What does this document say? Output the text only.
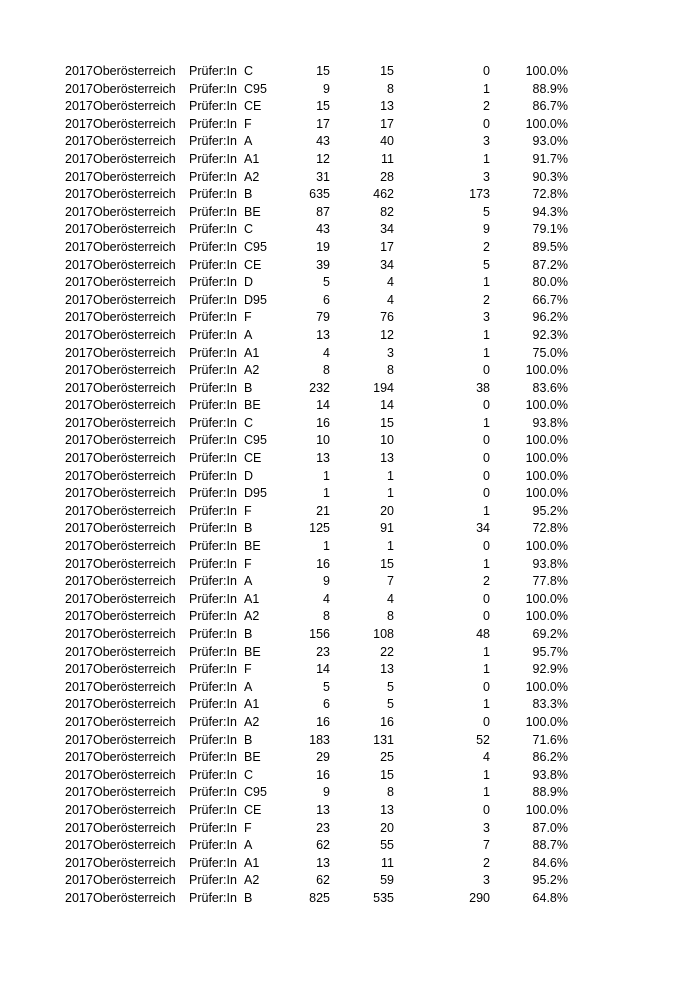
2017 Oberösterreich Prüfer:In C	15	15	0	100.0%
2017 Oberösterreich Prüfer:In C95	9	8	1	88.9%
2017 Oberösterreich Prüfer:In CE	15	13	2	86.7%
2017 Oberösterreich Prüfer:In F	17	17	0	100.0%
2017 Oberösterreich Prüfer:In A	43	40	3	93.0%
2017 Oberösterreich Prüfer:In A1	12	11	1	91.7%
2017 Oberösterreich Prüfer:In A2	31	28	3	90.3%
2017 Oberösterreich Prüfer:In B	635	462	173	72.8%
2017 Oberösterreich Prüfer:In BE	87	82	5	94.3%
2017 Oberösterreich Prüfer:In C	43	34	9	79.1%
2017 Oberösterreich Prüfer:In C95	19	17	2	89.5%
2017 Oberösterreich Prüfer:In CE	39	34	5	87.2%
2017 Oberösterreich Prüfer:In D	5	4	1	80.0%
2017 Oberösterreich Prüfer:In D95	6	4	2	66.7%
2017 Oberösterreich Prüfer:In F	79	76	3	96.2%
2017 Oberösterreich Prüfer:In A	13	12	1	92.3%
2017 Oberösterreich Prüfer:In A1	4	3	1	75.0%
2017 Oberösterreich Prüfer:In A2	8	8	0	100.0%
2017 Oberösterreich Prüfer:In B	232	194	38	83.6%
2017 Oberösterreich Prüfer:In BE	14	14	0	100.0%
2017 Oberösterreich Prüfer:In C	16	15	1	93.8%
2017 Oberösterreich Prüfer:In C95	10	10	0	100.0%
2017 Oberösterreich Prüfer:In CE	13	13	0	100.0%
2017 Oberösterreich Prüfer:In D	1	1	0	100.0%
2017 Oberösterreich Prüfer:In D95	1	1	0	100.0%
2017 Oberösterreich Prüfer:In F	21	20	1	95.2%
2017 Oberösterreich Prüfer:In B	125	91	34	72.8%
2017 Oberösterreich Prüfer:In BE	1	1	0	100.0%
2017 Oberösterreich Prüfer:In F	16	15	1	93.8%
2017 Oberösterreich Prüfer:In A	9	7	2	77.8%
2017 Oberösterreich Prüfer:In A1	4	4	0	100.0%
2017 Oberösterreich Prüfer:In A2	8	8	0	100.0%
2017 Oberösterreich Prüfer:In B	156	108	48	69.2%
2017 Oberösterreich Prüfer:In BE	23	22	1	95.7%
2017 Oberösterreich Prüfer:In F	14	13	1	92.9%
2017 Oberösterreich Prüfer:In A	5	5	0	100.0%
2017 Oberösterreich Prüfer:In A1	6	5	1	83.3%
2017 Oberösterreich Prüfer:In A2	16	16	0	100.0%
2017 Oberösterreich Prüfer:In B	183	131	52	71.6%
2017 Oberösterreich Prüfer:In BE	29	25	4	86.2%
2017 Oberösterreich Prüfer:In C	16	15	1	93.8%
2017 Oberösterreich Prüfer:In C95	9	8	1	88.9%
2017 Oberösterreich Prüfer:In CE	13	13	0	100.0%
2017 Oberösterreich Prüfer:In F	23	20	3	87.0%
2017 Oberösterreich Prüfer:In A	62	55	7	88.7%
2017 Oberösterreich Prüfer:In A1	13	11	2	84.6%
2017 Oberösterreich Prüfer:In A2	62	59	3	95.2%
2017 Oberösterreich Prüfer:In B	825	535	290	64.8%
